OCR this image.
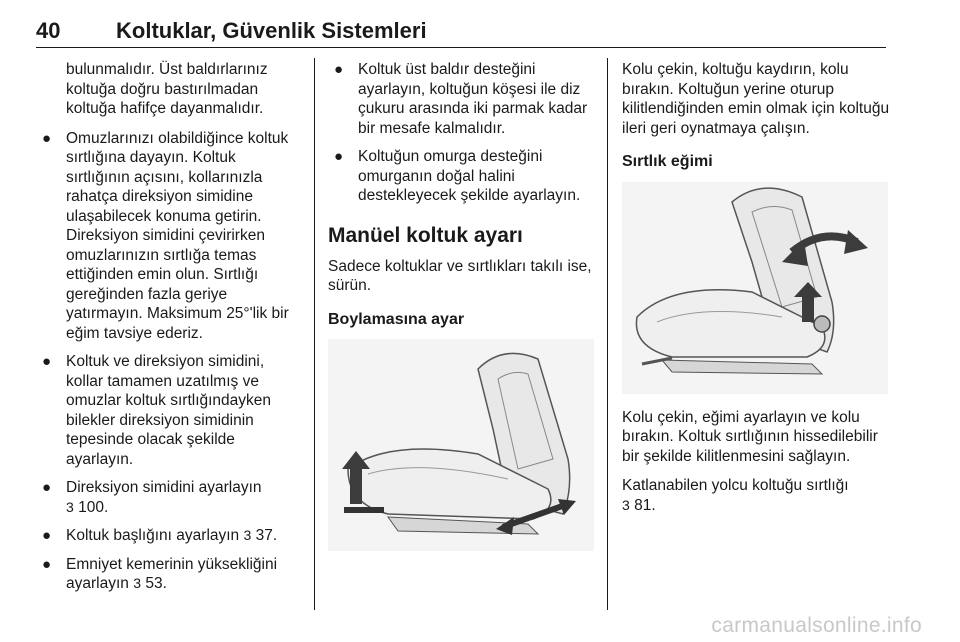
40	Koltuklar, Güvenlik Sistemleri

bulunmalıdır. Üst baldırlarınız koltuğa doğru bastırılmadan koltuğa hafifçe dayanmalıdır.

● Omuzlarınızı olabildiğince koltuk sırtlığına dayayın. Koltuk sırtlığının açısını, kollarınızla rahatça direksiyon simidine ulaşabilecek konuma getirin. Direksiyon simidini çevirirken omuzlarınızın sırtlığa temas ettiğinden emin olun. Sırtlığı gereğinden fazla geriye yatırmayın. Maksimum 25°'lik bir eğim tavsiye ederiz.
● Koltuk ve direksiyon simidini, kollar tamamen uzatılmış ve omuzlar koltuk sırtlığındayken bilekler direksiyon simidinin tepesinde olacak şekilde ayarlayın.
● Direksiyon simidini ayarlayın
3 100.
● Koltuk başlığını ayarlayın 3 37.
● Emniyet kemerinin yüksekliğini ayarlayın 3 53.
● Koltuk üst baldır desteğini ayarlayın, koltuğun köşesi ile diz çukuru arasında iki parmak kadar bir mesafe kalmalıdır.
● Koltuğun omurga desteğini omurganın doğal halini destekleyecek şekilde ayarlayın.
Manüel koltuk ayarı

Sadece koltuklar ve sırtlıkları takılı ise, sürün.

Boylamasına ayar

Kolu çekin, koltuğu kaydırın, kolu bırakın. Koltuğun yerine oturup kilitlendiğinden emin olmak için koltuğu ileri geri oynatmaya çalışın.

Sırtlık eğimi

Kolu çekin, eğimi ayarlayın ve kolu bırakın. Koltuk sırtlığının hissedilebilir bir şekilde kilitlenmesini sağlayın.

Katlanabilen yolcu koltuğu sırtlığı
3 81.

carmanualsonline.info
